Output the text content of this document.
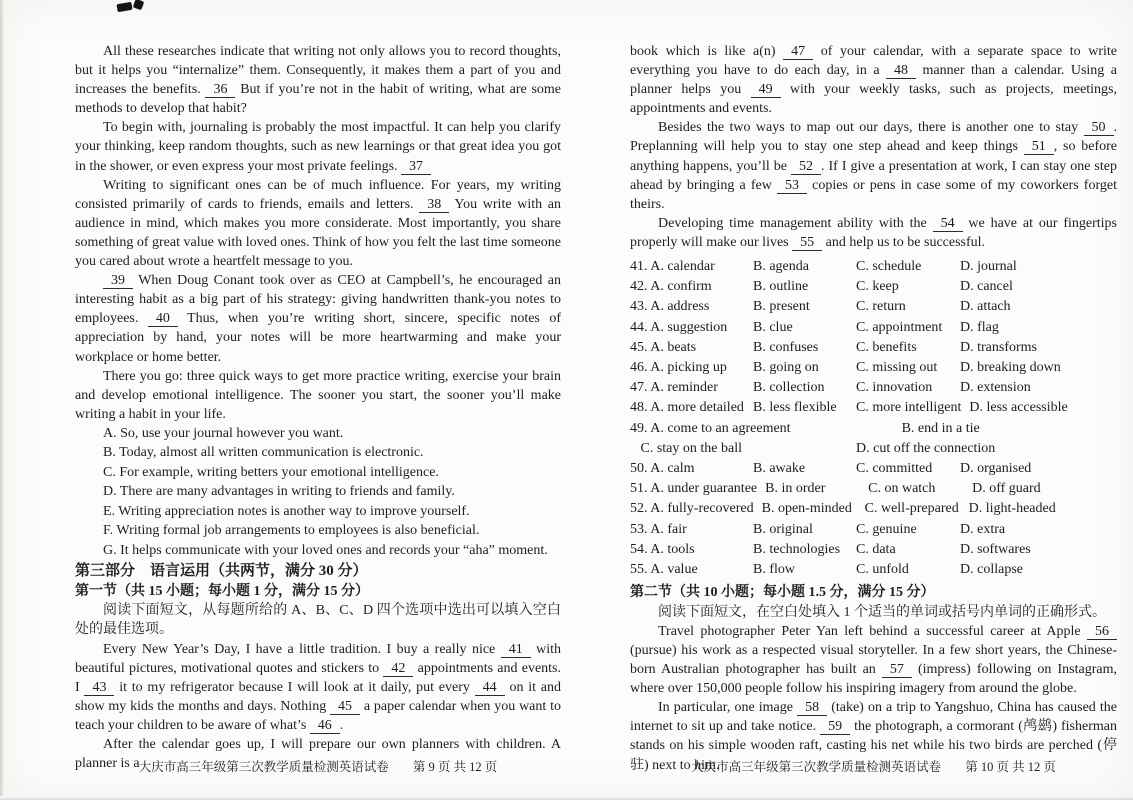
All these researches indicate that writing not only allows you to record thoughts, but it helps you “internalize” them. Consequently, it makes them a part of you and increases the benefits. 36 But if you’re not in the habit of writing, what are some methods to develop that habit?

To begin with, journaling is probably the most impactful. It can help you clarify your thinking, keep random thoughts, such as new learnings or that great idea you got in the shower, or even express your most private feelings. 37

Writing to significant ones can be of much influence. For years, my writing consisted primarily of cards to friends, emails and letters. 38 You write with an audience in mind, which makes you more considerate. Most importantly, you share something of great value with loved ones. Think of how you felt the last time someone you cared about wrote a heartfelt message to you.

39 When Doug Conant took over as CEO at Campbell’s, he encouraged an interesting habit as a big part of his strategy: giving handwritten thank-you notes to employees. 40 Thus, when you’re writing short, sincere, specific notes of appreciation by hand, your notes will be more heartwarming and make your workplace or home better.

There you go: three quick ways to get more practice writing, exercise your brain and develop emotional intelligence. The sooner you start, the sooner you’ll make writing a habit in your life.

A. So, use your journal however you want.

B. Today, almost all written communication is electronic.

C. For example, writing betters your emotional intelligence.

D. There are many advantages in writing to friends and family.

E. Writing appreciation notes is another way to improve yourself.

F. Writing formal job arrangements to employees is also beneficial.

G. It helps communicate with your loved ones and records your “aha” moment.

第三部分　语言运用（共两节，满分 30 分）

第一节（共 15 小题；每小题 1 分，满分 15 分）

阅读下面短文，从每题所给的 A、B、C、D 四个选项中选出可以填入空白处的最佳选项。

Every New Year’s Day, I have a little tradition. I buy a really nice 41 with beautiful pictures, motivational quotes and stickers to 42 appointments and events. I 43 it to my refrigerator because I will look at it daily, put every 44 on it and show my kids the months and days. Nothing 45 a paper calendar when you want to teach your children to be aware of what’s 46 .

After the calendar goes up, I will prepare our own planners with children. A planner is a

book which is like a(n) 47 of your calendar, with a separate space to write everything you have to do each day, in a 48 manner than a calendar. Using a planner helps you 49 with your weekly tasks, such as projects, meetings, appointments and events.

Besides the two ways to map out our days, there is another one to stay 50 . Preplanning will help you to stay one step ahead and keep things 51 , so before anything happens, you’ll be 52 . If I give a presentation at work, I can stay one step ahead by bringing a few 53 copies or pens in case some of my coworkers forget theirs.

Developing time management ability with the 54 we have at our fingertips properly will make our lives 55 and help us to be successful.

41. A. calendar	B. agenda	C. schedule	D. journal
42. A. confirm	B. outline	C. keep	D. cancel
43. A. address	B. present	C. return	D. attach
44. A. suggestion	B. clue	C. appointment	D. flag
45. A. beats	B. confuses	C. benefits	D. transforms
46. A. picking up	B. going on	C. missing out	D. breaking down
47. A. reminder	B. collection	C. innovation	D. extension
48. A. more detailed B. less flexible	C. more intelligent D. less accessible
49. A. come to an agreement	B. end in a tie
C. stay on the ball	D. cut off the connection
50. A. calm	B. awake	C. committed	D. organised
51. A. under guarantee B. in order	C. on watch	D. off guard
52. A. fully-recovered B. open-minded C. well-prepared D. light-headed
53. A. fair	B. original	C. genuine	D. extra
54. A. tools	B. technologies	C. data	D. softwares
55. A. value	B. flow	C. unfold	D. collapse

第二节（共 10 小题；每小题 1.5 分，满分 15 分）

阅读下面短文，在空白处填入 1 个适当的单词或括号内单词的正确形式。

Travel photographer Peter Yan left behind a successful career at Apple 56 (pursue) his work as a respected visual storyteller. In a few short years, the Chinese-born Australian photographer has built an 57 (impress) following on Instagram, where over 150,000 people follow his inspiring imagery from around the globe.

In particular, one image 58 (take) on a trip to Yangshuo, China has caused the internet to sit up and take notice. 59 the photograph, a cormorant (鸬鹚) fisherman stands on his simple wooden raft, casting his net while his two birds are perched (停驻) next to him.

大庆市高三年级第三次教学质量检测英语试卷 第 9 页 共 12 页	大庆市高三年级第三次教学质量检测英语试卷 第 10 页 共 12 页
